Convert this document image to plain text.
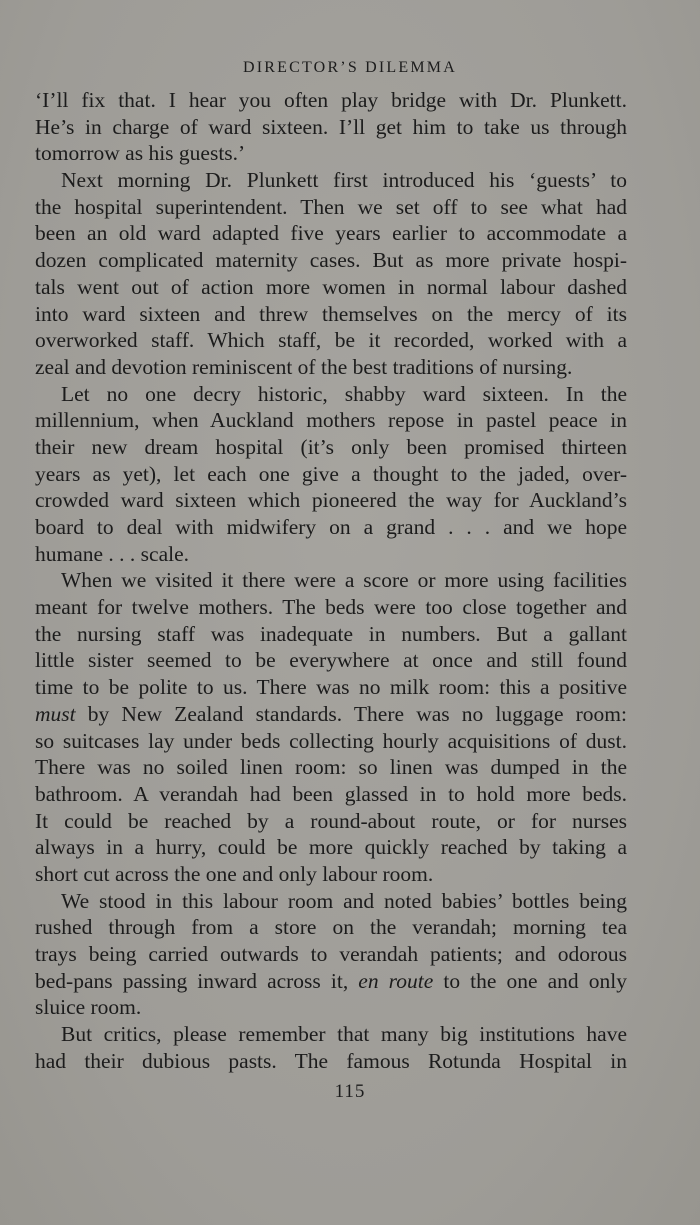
DIRECTOR’S DILEMMA
‘I’ll fix that. I hear you often play bridge with Dr. Plunkett.
He’s in charge of ward sixteen. I’ll get him to take us through
tomorrow as his guests.’
Next morning Dr. Plunkett first introduced his ‘guests’ to
the hospital superintendent. Then we set off to see what had
been an old ward adapted five years earlier to accommodate a
dozen complicated maternity cases. But as more private hospi-
tals went out of action more women in normal labour dashed
into ward sixteen and threw themselves on the mercy of its
overworked staff. Which staff, be it recorded, worked with a
zeal and devotion reminiscent of the best traditions of nursing.
Let no one decry historic, shabby ward sixteen. In the
millennium, when Auckland mothers repose in pastel peace in
their new dream hospital (it’s only been promised thirteen
years as yet), let each one give a thought to the jaded, over-
crowded ward sixteen which pioneered the way for Auckland’s
board to deal with midwifery on a grand . . . and we hope
humane . . . scale.
When we visited it there were a score or more using facilities
meant for twelve mothers. The beds were too close together and
the nursing staff was inadequate in numbers. But a gallant
little sister seemed to be everywhere at once and still found
time to be polite to us. There was no milk room: this a positive
must by New Zealand standards. There was no luggage room:
so suitcases lay under beds collecting hourly acquisitions of dust.
There was no soiled linen room: so linen was dumped in the
bathroom. A verandah had been glassed in to hold more beds.
It could be reached by a round-about route, or for nurses
always in a hurry, could be more quickly reached by taking a
short cut across the one and only labour room.
We stood in this labour room and noted babies’ bottles being
rushed through from a store on the verandah; morning tea
trays being carried outwards to verandah patients; and odorous
bed-pans passing inward across it, en route to the one and only
sluice room.
But critics, please remember that many big institutions have
had their dubious pasts. The famous Rotunda Hospital in
115
